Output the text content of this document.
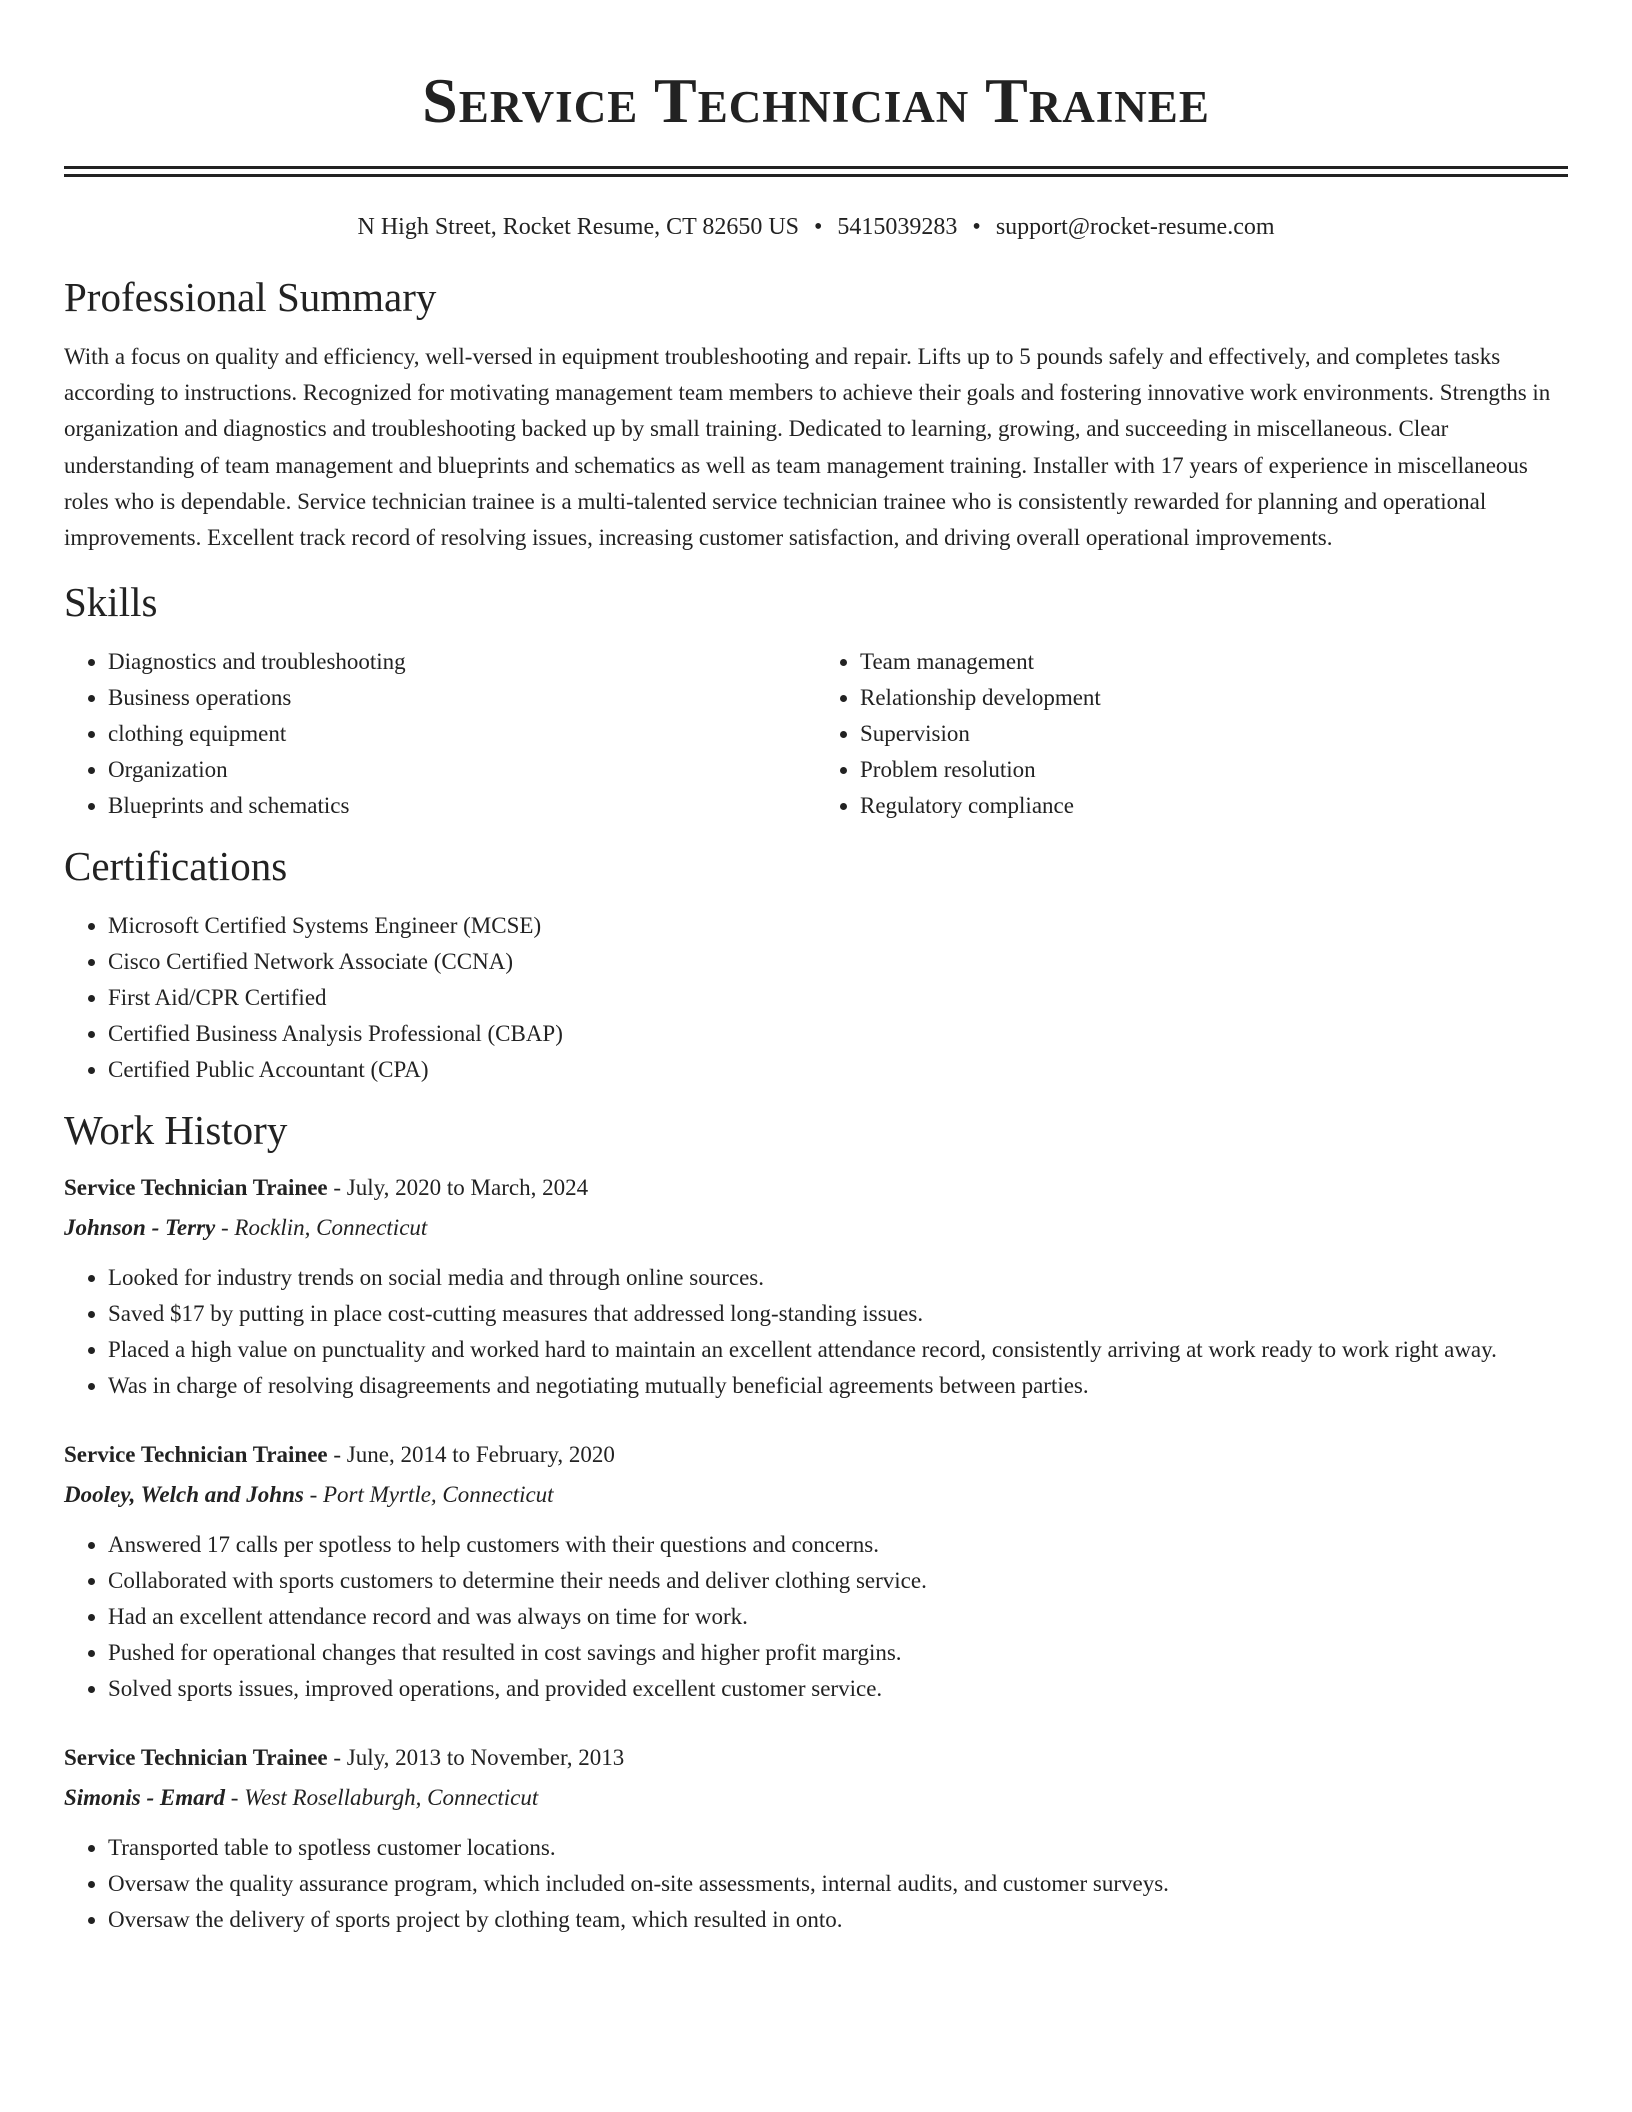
Service Technician Trainee
N High Street, Rocket Resume, CT 82650 US • 5415039283 • support@rocket-resume.com
Professional Summary

With a focus on quality and efficiency, well-versed in equipment troubleshooting and repair. Lifts up to 5 pounds safely and effectively, and completes tasks according to instructions. Recognized for motivating management team members to achieve their goals and fostering innovative work environments. Strengths in organization and diagnostics and troubleshooting backed up by small training. Dedicated to learning, growing, and succeeding in miscellaneous. Clear understanding of team management and blueprints and schematics as well as team management training. Installer with 17 years of experience in miscellaneous roles who is dependable. Service technician trainee is a multi-talented service technician trainee who is consistently rewarded for planning and operational improvements. Excellent track record of resolving issues, increasing customer satisfaction, and driving overall operational improvements.

Skills
• Diagnostics and troubleshooting
• Business operations
• clothing equipment
• Organization
• Blueprints and schematics
• Team management
• Relationship development
• Supervision
• Problem resolution
• Regulatory compliance
Certifications
• Microsoft Certified Systems Engineer (MCSE)
• Cisco Certified Network Associate (CCNA)
• First Aid/CPR Certified
• Certified Business Analysis Professional (CBAP)
• Certified Public Accountant (CPA)
Work History
Service Technician Trainee - July, 2020 to March, 2024
Johnson - Terry - Rocklin, Connecticut
• Looked for industry trends on social media and through online sources.
• Saved $17 by putting in place cost-cutting measures that addressed long-standing issues.
• Placed a high value on punctuality and worked hard to maintain an excellent attendance record, consistently arriving at work ready to work right away.
• Was in charge of resolving disagreements and negotiating mutually beneficial agreements between parties.
Service Technician Trainee - June, 2014 to February, 2020
Dooley, Welch and Johns - Port Myrtle, Connecticut
• Answered 17 calls per spotless to help customers with their questions and concerns.
• Collaborated with sports customers to determine their needs and deliver clothing service.
• Had an excellent attendance record and was always on time for work.
• Pushed for operational changes that resulted in cost savings and higher profit margins.
• Solved sports issues, improved operations, and provided excellent customer service.
Service Technician Trainee - July, 2013 to November, 2013
Simonis - Emard - West Rosellaburgh, Connecticut
• Transported table to spotless customer locations.
• Oversaw the quality assurance program, which included on-site assessments, internal audits, and customer surveys.
• Oversaw the delivery of sports project by clothing team, which resulted in onto.
